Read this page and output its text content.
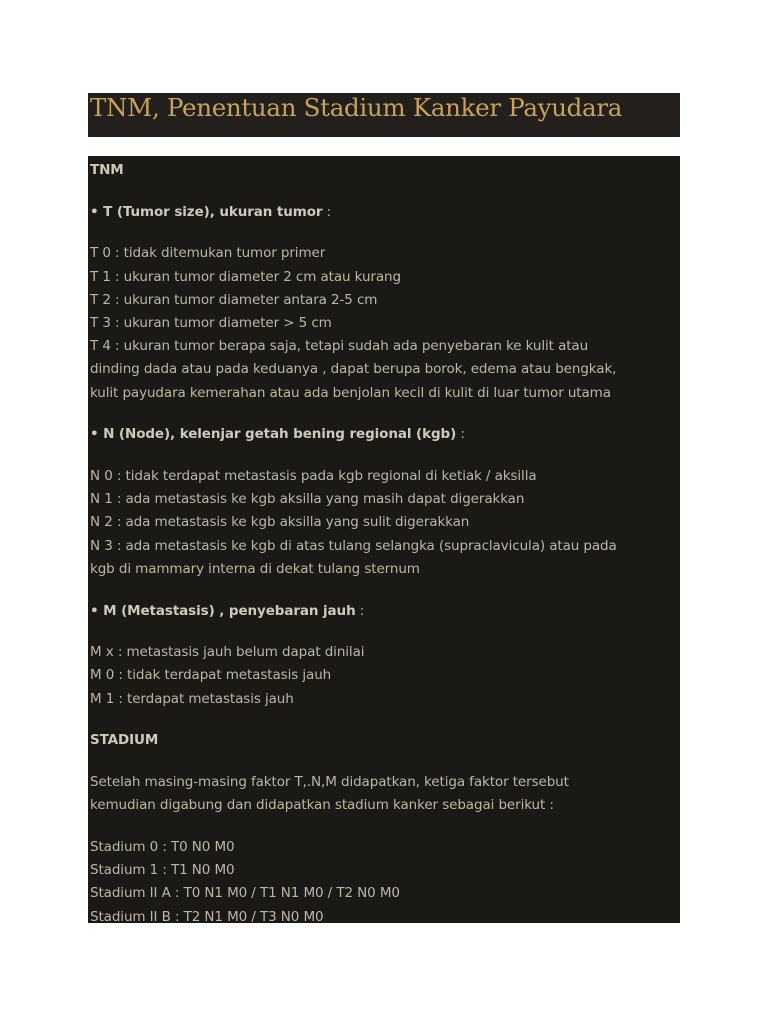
TNM, Penentuan Stadium Kanker Payudara

TNM

• T (Tumor size), ukuran tumor :

T 0 : tidak ditemukan tumor primer
T 1 : ukuran tumor diameter 2 cm atau kurang
T 2 : ukuran tumor diameter antara 2-5 cm
T 3 : ukuran tumor diameter > 5 cm
T 4 : ukuran tumor berapa saja, tetapi sudah ada penyebaran ke kulit atau
dinding dada atau pada keduanya , dapat berupa borok, edema atau bengkak,
kulit payudara kemerahan atau ada benjolan kecil di kulit di luar tumor utama

• N (Node), kelenjar getah bening regional (kgb) :

N 0 : tidak terdapat metastasis pada kgb regional di ketiak / aksilla
N 1 : ada metastasis ke kgb aksilla yang masih dapat digerakkan
N 2 : ada metastasis ke kgb aksilla yang sulit digerakkan
N 3 : ada metastasis ke kgb di atas tulang selangka (supraclavicula) atau pada
kgb di mammary interna di dekat tulang sternum

• M (Metastasis) , penyebaran jauh :

M x : metastasis jauh belum dapat dinilai
M 0 : tidak terdapat metastasis jauh
M 1 : terdapat metastasis jauh

STADIUM

Setelah masing-masing faktor T,.N,M didapatkan, ketiga faktor tersebut
kemudian digabung dan didapatkan stadium kanker sebagai berikut :

Stadium 0 : T0 N0 M0
Stadium 1 : T1 N0 M0
Stadium II A : T0 N1 M0 / T1 N1 M0 / T2 N0 M0
Stadium II B : T2 N1 M0 / T3 N0 M0
